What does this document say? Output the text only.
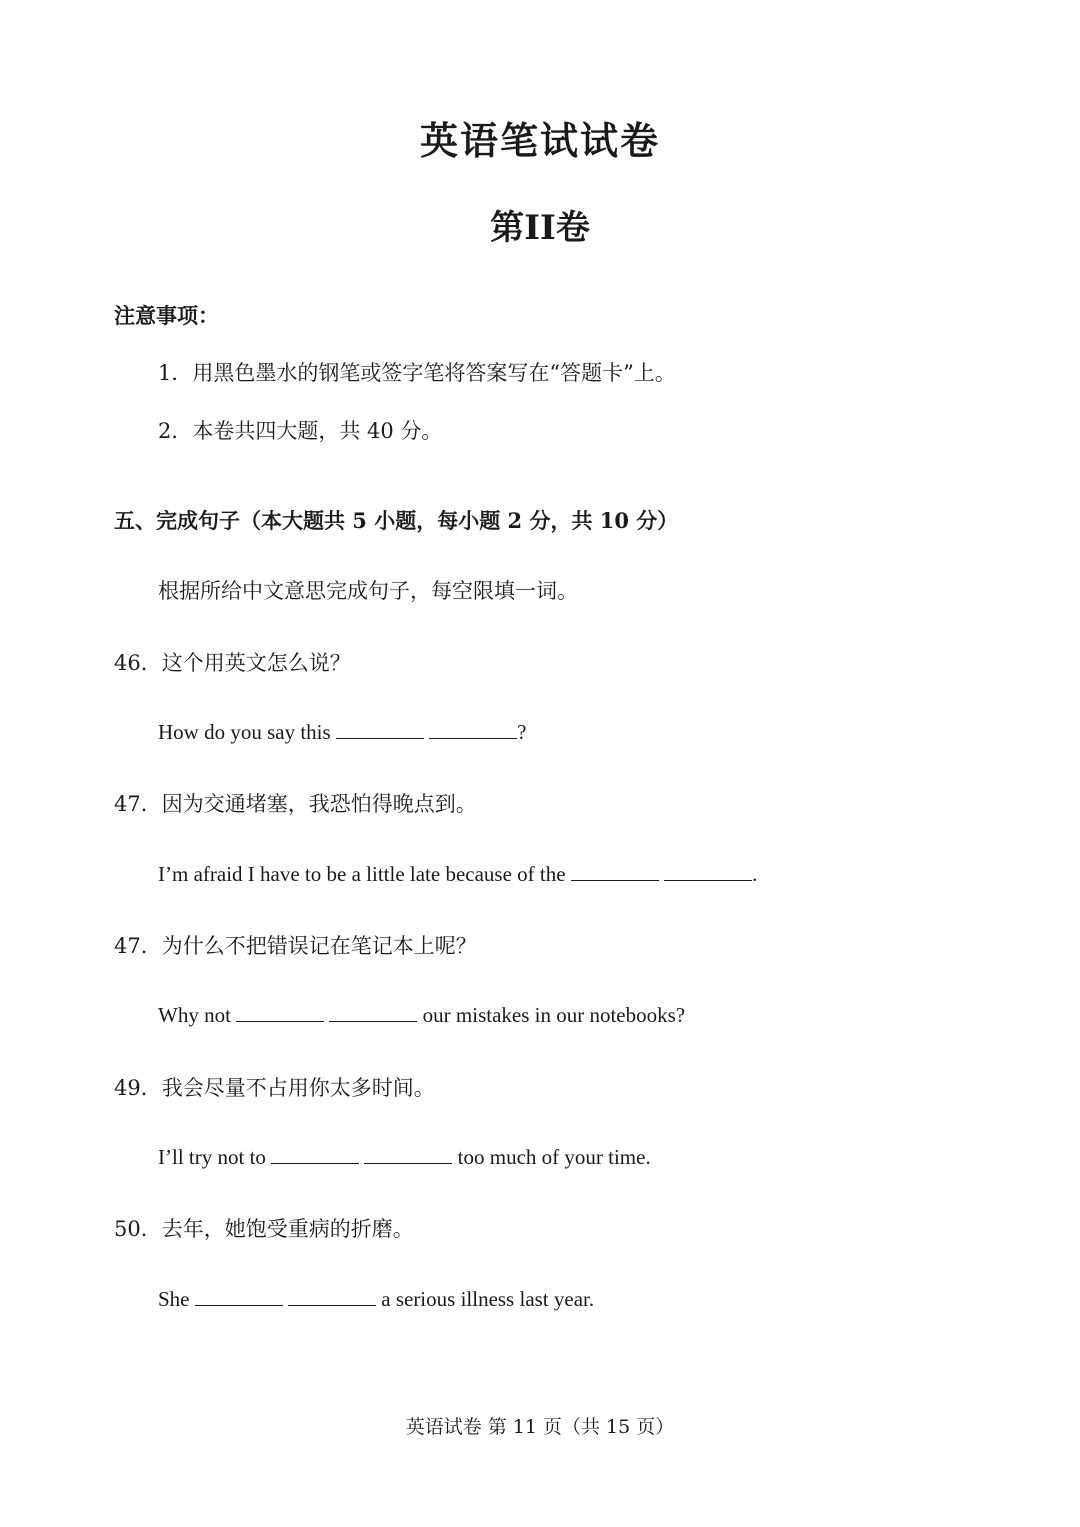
英语笔试试卷
第II卷
注意事项：
1．用黑色墨水的钢笔或签字笔将答案写在“答题卡”上。
2．本卷共四大题，共 40 分。
五、完成句子（本大题共 5 小题，每小题 2 分，共 10 分）
根据所给中文意思完成句子，每空限填一词。
46．这个用英文怎么说？
How do you say this	?
47．因为交通堵塞，我恐怕得晚点到。
I’m afraid I have to be a little late because of the	.
47．为什么不把错误记在笔记本上呢？
Why not	our mistakes in our notebooks?
49．我会尽量不占用你太多时间。
I’ll try not to	too much of your time.
50．去年，她饱受重病的折磨。
She	a serious illness last year.
英语试卷 第 11 页（共 15 页）
